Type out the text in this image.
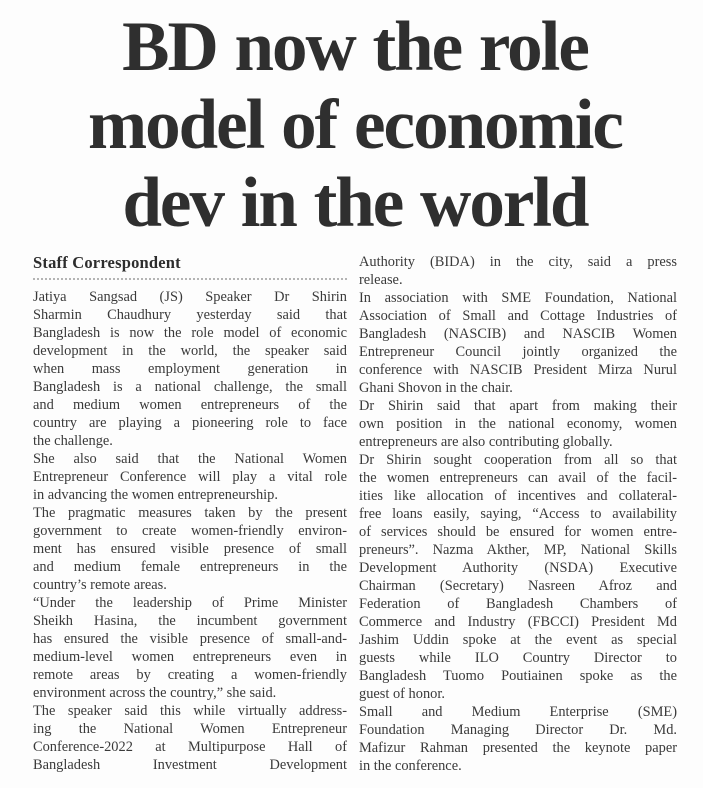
BD now the role
model of economic
dev in the world
Staff Correspondent
Jatiya Sangsad (JS) Speaker Dr Shirin
Sharmin Chaudhury yesterday said that
Bangladesh is now the role model of economic
development in the world, the speaker said
when mass employment generation in
Bangladesh is a national challenge, the small
and medium women entrepreneurs of the
country are playing a pioneering role to face
the challenge.
She also said that the National Women
Entrepreneur Conference will play a vital role
in advancing the women entrepreneurship.
The pragmatic measures taken by the present
government to create women-friendly environ-
ment has ensured visible presence of small
and medium female entrepreneurs in the
country’s remote areas.
“Under the leadership of Prime Minister
Sheikh Hasina, the incumbent government
has ensured the visible presence of small-and-
medium-level women entrepreneurs even in
remote areas by creating a women-friendly
environment across the country,” she said.
The speaker said this while virtually address-
ing the National Women Entrepreneur
Conference-2022 at Multipurpose Hall of
Bangladesh Investment Development
Authority (BIDA) in the city, said a press
release.
In association with SME Foundation, National
Association of Small and Cottage Industries of
Bangladesh (NASCIB) and NASCIB Women
Entrepreneur Council jointly organized the
conference with NASCIB President Mirza Nurul
Ghani Shovon in the chair.
Dr Shirin said that apart from making their
own position in the national economy, women
entrepreneurs are also contributing globally.
Dr Shirin sought cooperation from all so that
the women entrepreneurs can avail of the facil-
ities like allocation of incentives and collateral-
free loans easily, saying, “Access to availability
of services should be ensured for women entre-
preneurs”. Nazma Akther, MP, National Skills
Development Authority (NSDA) Executive
Chairman (Secretary) Nasreen Afroz and
Federation of Bangladesh Chambers of
Commerce and Industry (FBCCI) President Md
Jashim Uddin spoke at the event as special
guests while ILO Country Director to
Bangladesh Tuomo Poutiainen spoke as the
guest of honor.
Small and Medium Enterprise (SME)
Foundation Managing Director Dr. Md.
Mafizur Rahman presented the keynote paper
in the conference.
